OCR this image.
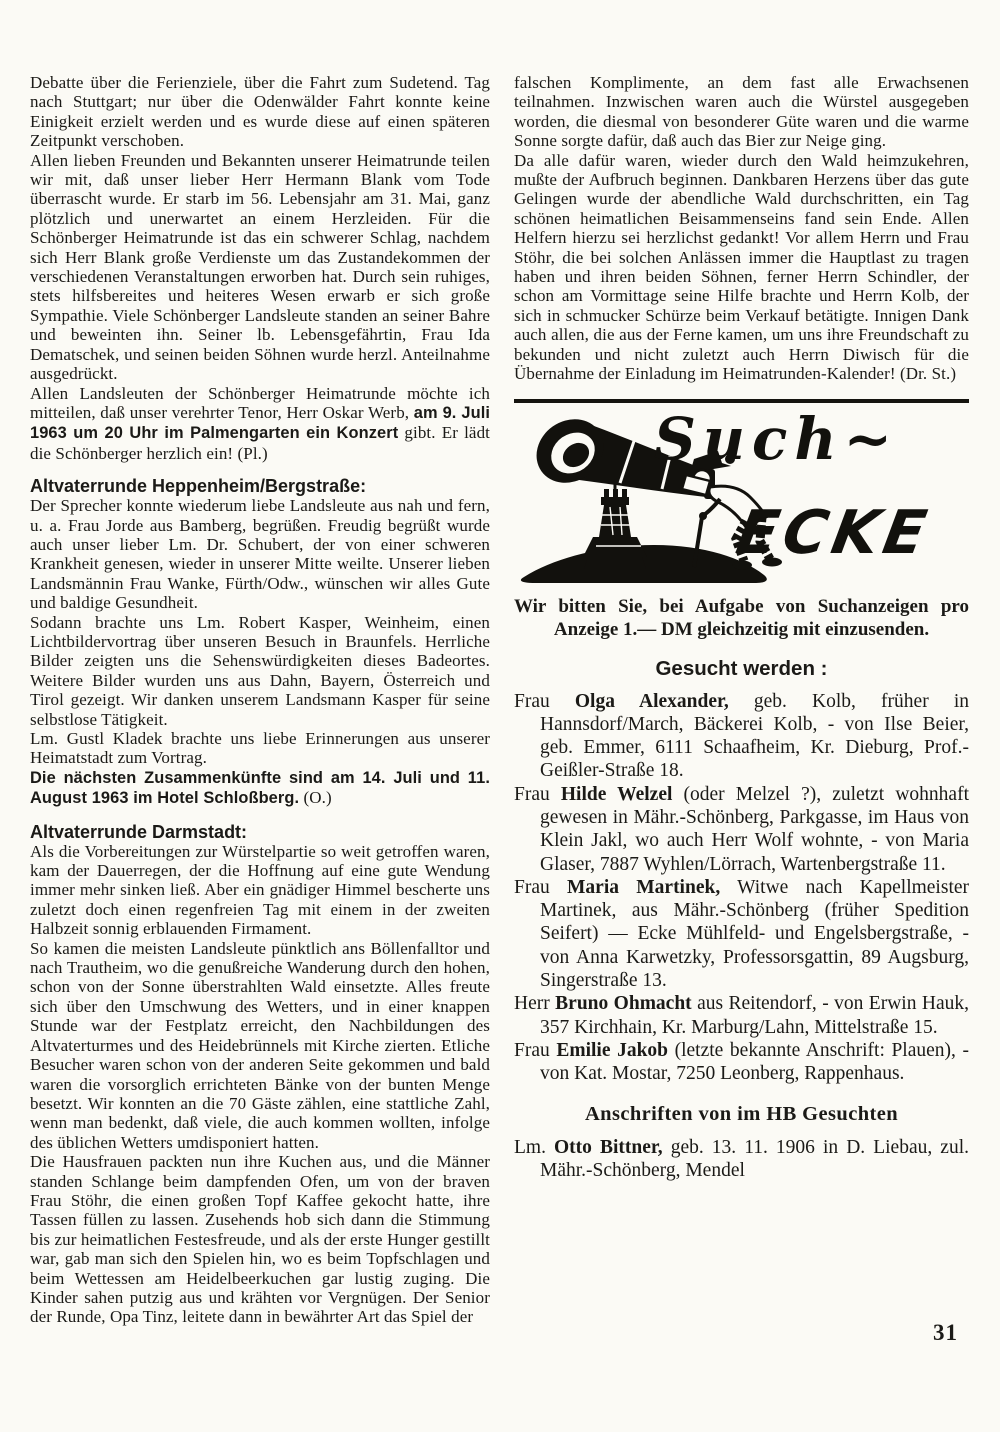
Debatte über die Ferienziele, über die Fahrt zum Sudetend. Tag nach Stuttgart; nur über die Odenwälder Fahrt konnte keine Einigkeit erzielt werden und es wurde diese auf einen späteren Zeitpunkt verschoben.

Allen lieben Freunden und Bekannten unserer Heimatrunde teilen wir mit, daß unser lieber Herr Hermann Blank vom Tode überrascht wurde. Er starb im 56. Lebensjahr am 31. Mai, ganz plötzlich und unerwartet an einem Herzleiden. Für die Schönberger Heimatrunde ist das ein schwerer Schlag, nachdem sich Herr Blank große Verdienste um das Zustandekommen der verschiedenen Veranstaltungen erworben hat. Durch sein ruhiges, stets hilfsbereites und heiteres Wesen erwarb er sich große Sympathie. Viele Schönberger Landsleute standen an seiner Bahre und beweinten ihn. Seiner lb. Lebensgefährtin, Frau Ida Dematschek, und seinen beiden Söhnen wurde herzl. Anteilnahme ausgedrückt.

Allen Landsleuten der Schönberger Heimatrunde möchte ich mitteilen, daß unser verehrter Tenor, Herr Oskar Werb, am 9. Juli 1963 um 20 Uhr im Palmengarten ein Konzert gibt. Er lädt die Schönberger herzlich ein! (Pl.)

Altvaterrunde Heppenheim/Bergstraße:

Der Sprecher konnte wiederum liebe Landsleute aus nah und fern, u. a. Frau Jorde aus Bamberg, begrüßen. Freudig begrüßt wurde auch unser lieber Lm. Dr. Schubert, der von einer schweren Krankheit genesen, wieder in unserer Mitte weilte. Unserer lieben Landsmännin Frau Wanke, Fürth/Odw., wünschen wir alles Gute und baldige Gesundheit.

Sodann brachte uns Lm. Robert Kasper, Weinheim, einen Lichtbildervortrag über unseren Besuch in Braunfels. Herrliche Bilder zeigten uns die Sehenswürdigkeiten dieses Badeortes. Weitere Bilder wurden uns aus Dahn, Bayern, Österreich und Tirol gezeigt. Wir danken unserem Landsmann Kasper für seine selbstlose Tätigkeit.

Lm. Gustl Kladek brachte uns liebe Erinnerungen aus unserer Heimatstadt zum Vortrag.

Die nächsten Zusammenkünfte sind am 14. Juli und 11. August 1963 im Hotel Schloßberg. (O.)

Altvaterrunde Darmstadt:

Als die Vorbereitungen zur Würstelpartie so weit getroffen waren, kam der Dauerregen, der die Hoffnung auf eine gute Wendung immer mehr sinken ließ. Aber ein gnädiger Himmel bescherte uns zuletzt doch einen regenfreien Tag mit einem in der zweiten Halbzeit sonnig erblauenden Firmament.

So kamen die meisten Landsleute pünktlich ans Böllenfalltor und nach Trautheim, wo die genußreiche Wanderung durch den hohen, schon von der Sonne überstrahlten Wald einsetzte. Alles freute sich über den Umschwung des Wetters, und in einer knappen Stunde war der Festplatz erreicht, den Nachbildungen des Altvaterturmes und des Heidebrünnels mit Kirche zierten. Etliche Besucher waren schon von der anderen Seite gekommen und bald waren die vorsorglich errichteten Bänke von der bunten Menge besetzt. Wir konnten an die 70 Gäste zählen, eine stattliche Zahl, wenn man bedenkt, daß viele, die auch kommen wollten, infolge des üblichen Wetters umdisponiert hatten.

Die Hausfrauen packten nun ihre Kuchen aus, und die Männer standen Schlange beim dampfenden Ofen, um von der braven Frau Stöhr, die einen großen Topf Kaffee gekocht hatte, ihre Tassen füllen zu lassen. Zusehends hob sich dann die Stimmung bis zur heimatlichen Festesfreude, und als der erste Hunger gestillt war, gab man sich den Spielen hin, wo es beim Topfschlagen und beim Wettessen am Heidelbeerkuchen gar lustig zuging. Die Kinder sahen putzig aus und krähten vor Vergnügen. Der Senior der Runde, Opa Tinz, leitete dann in bewährter Art das Spiel der

falschen Komplimente, an dem fast alle Erwachsenen teilnahmen. Inzwischen waren auch die Würstel ausgegeben worden, die diesmal von besonderer Güte waren und die warme Sonne sorgte dafür, daß auch das Bier zur Neige ging.

Da alle dafür waren, wieder durch den Wald heimzukehren, mußte der Aufbruch beginnen. Dankbaren Herzens über das gute Gelingen wurde der abendliche Wald durchschritten, ein Tag schönen heimatlichen Beisammenseins fand sein Ende. Allen Helfern hierzu sei herzlichst gedankt! Vor allem Herrn und Frau Stöhr, die bei solchen Anlässen immer die Hauptlast zu tragen haben und ihren beiden Söhnen, ferner Herrn Schindler, der schon am Vormittage seine Hilfe brachte und Herrn Kolb, der sich in schmucker Schürze beim Verkauf betätigte. Innigen Dank auch allen, die aus der Ferne kamen, um uns ihre Freundschaft zu bekunden und nicht zuletzt auch Herrn Diwisch für die Übernahme der Einladung im Heimatrunden-Kalender! (Dr. St.)

Such~
ECKE

Wir bitten Sie, bei Aufgabe von Suchanzeigen pro Anzeige 1.— DM gleichzeitig mit einzusenden.

Gesucht werden :

Frau Olga Alexander, geb. Kolb, früher in Hannsdorf/March, Bäckerei Kolb, - von Ilse Beier, geb. Emmer, 6111 Schaafheim, Kr. Dieburg, Prof.-Geißler-Straße 18.

Frau Hilde Welzel (oder Melzel ?), zuletzt wohnhaft gewesen in Mähr.-Schönberg, Parkgasse, im Haus von Klein Jakl, wo auch Herr Wolf wohnte, - von Maria Glaser, 7887 Wyhlen/Lörrach, Wartenbergstraße 11.

Frau Maria Martinek, Witwe nach Kapellmeister Martinek, aus Mähr.-Schönberg (früher Spedition Seifert) — Ecke Mühlfeld- und Engelsbergstraße, - von Anna Karwetzky, Professorsgattin, 89 Augsburg, Singerstraße 13.

Herr Bruno Ohmacht aus Reitendorf, - von Erwin Hauk, 357 Kirchhain, Kr. Marburg/Lahn, Mittelstraße 15.

Frau Emilie Jakob (letzte bekannte Anschrift: Plauen), - von Kat. Mostar, 7250 Leonberg, Rappenhaus.

Anschriften von im HB Gesuchten

Lm. Otto Bittner, geb. 13. 11. 1906 in D. Liebau, zul. Mähr.-Schönberg, Mendel

31
